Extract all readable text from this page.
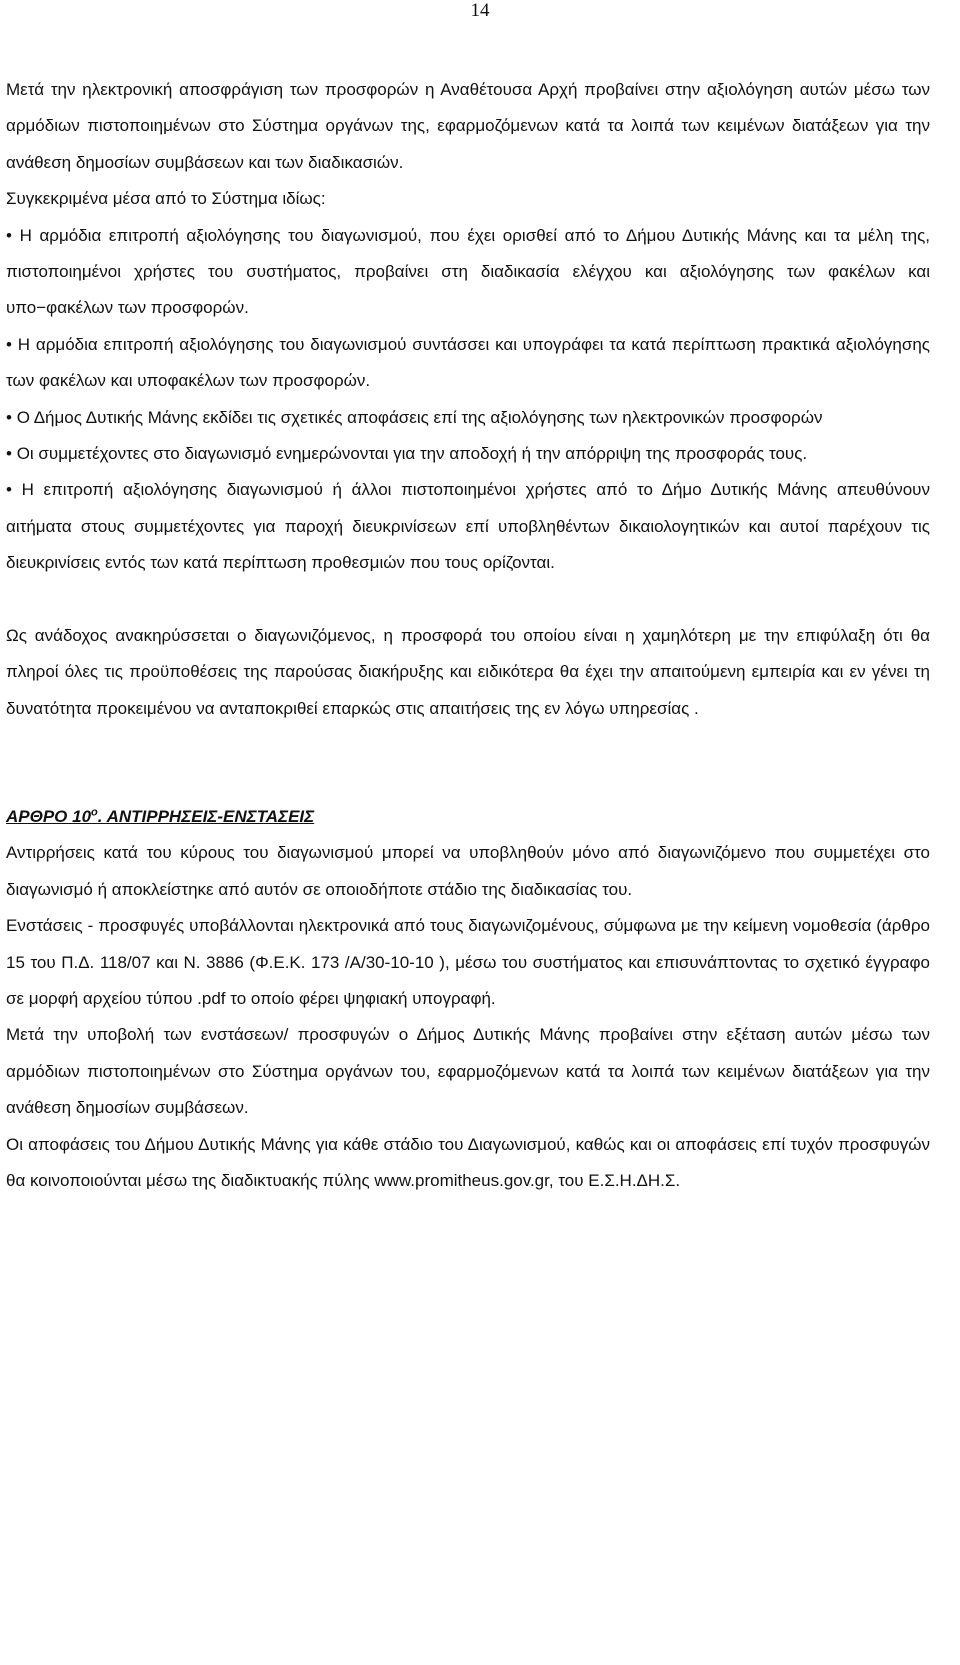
14

Μετά την ηλεκτρονική αποσφράγιση των προσφορών η Αναθέτουσα Αρχή προβαίνει στην αξιολόγηση αυτών μέσω των αρμόδιων πιστοποιημένων στο Σύστημα οργάνων της, εφαρμοζόμενων κατά τα λοιπά των κειμένων διατάξεων για την ανάθεση δημοσίων συμβάσεων και των διαδικασιών.

Συγκεκριμένα μέσα από το Σύστημα ιδίως:

• Η αρμόδια επιτροπή αξιολόγησης του διαγωνισμού, που έχει ορισθεί από το Δήμου Δυτικής Μάνης και τα μέλη της, πιστοποιημένοι χρήστες του συστήματος, προβαίνει στη διαδικασία ελέγχου και αξιολόγησης των φακέλων και υπο−φακέλων των προσφορών.

• Η αρμόδια επιτροπή αξιολόγησης του διαγωνισμού συντάσσει και υπογράφει τα κατά περίπτωση πρακτικά αξιολόγησης των φακέλων και υποφακέλων των προσφορών.

• Ο Δήμος Δυτικής Μάνης εκδίδει τις σχετικές αποφάσεις επί της αξιολόγησης των ηλεκτρονικών προσφορών

• Οι συμμετέχοντες στο διαγωνισμό ενημερώνονται για την αποδοχή ή την απόρριψη της προσφοράς τους.

• Η επιτροπή αξιολόγησης διαγωνισμού ή άλλοι πιστοποιημένοι χρήστες από το Δήμο Δυτικής Μάνης απευθύνουν αιτήματα στους συμμετέχοντες για παροχή διευκρινίσεων επί υποβληθέντων δικαιολογητικών και αυτοί παρέχουν τις διευκρινίσεις εντός των κατά περίπτωση προθεσμιών που τους ορίζονται.

Ως ανάδοχος ανακηρύσσεται ο διαγωνιζόμενος, η προσφορά του οποίου είναι η χαμηλότερη με την επιφύλαξη ότι θα πληροί όλες τις προϋποθέσεις της παρούσας διακήρυξης και ειδικότερα θα έχει την απαιτούμενη εμπειρία και εν γένει τη δυνατότητα προκειμένου να ανταποκριθεί επαρκώς στις απαιτήσεις της εν λόγω υπηρεσίας .

ΑΡΘΡΟ $10^o$. ΑΝΤΙΡΡΗΣΕΙΣ-ΕΝΣΤΑΣΕΙΣ

Αντιρρήσεις κατά του κύρους του διαγωνισμού μπορεί να υποβληθούν μόνο από διαγωνιζόμενο που συμμετέχει στο διαγωνισμό ή αποκλείστηκε από αυτόν σε οποιοδήποτε στάδιο της διαδικασίας του.

Ενστάσεις - προσφυγές υποβάλλονται ηλεκτρονικά από τους διαγωνιζομένους, σύμφωνα με την κείμενη νομοθεσία (άρθρο 15 του Π.Δ. 118/07 και Ν. 3886 (Φ.Ε.Κ. 173 /Α/30-10-10 ), μέσω του συστήματος και επισυνάπτοντας το σχετικό έγγραφο σε μορφή αρχείου τύπου .pdf το οποίο φέρει ψηφιακή υπογραφή.

Μετά την υποβολή των ενστάσεων/ προσφυγών ο Δήμος Δυτικής Μάνης προβαίνει στην εξέταση αυτών μέσω των αρμόδιων πιστοποιημένων στο Σύστημα οργάνων του, εφαρμοζόμενων κατά τα λοιπά των κειμένων διατάξεων για την ανάθεση δημοσίων συμβάσεων.

Οι αποφάσεις του Δήμου Δυτικής Μάνης για κάθε στάδιο του Διαγωνισμού, καθώς και οι αποφάσεις επί τυχόν προσφυγών θα κοινοποιούνται μέσω της διαδικτυακής πύλης www.promitheus.gov.gr, του Ε.Σ.Η.ΔΗ.Σ.
